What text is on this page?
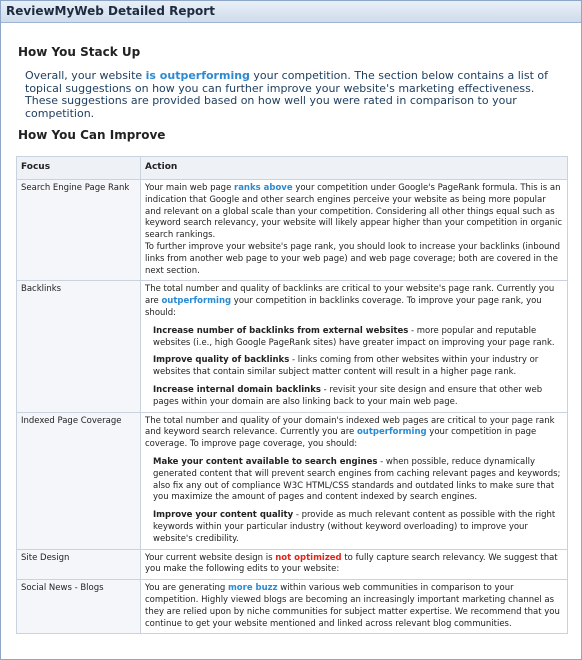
ReviewMyWeb Detailed Report
How You Stack Up
Overall, your website is outperforming your competition. The section below contains a list of topical suggestions on how you can further improve your website's marketing effectiveness. These suggestions are provided based on how well you were rated in comparison to your competition.
How You Can Improve
Focus	Action
Search Engine Page Rank	Your main web page ranks above your competition under Google's PageRank formula. This is an indication that Google and other search engines perceive your website as being more popular and relevant on a global scale than your competition. Considering all other things equal such as keyword search relevancy, your website will likely appear higher than your competition in organic search rankings.
To further improve your website's page rank, you should look to increase your backlinks (inbound links from another web page to your web page) and web page coverage; both are covered in the next section.

Backlinks	The total number and quality of backlinks are critical to your website's page rank. Currently you are outperforming your competition in backlinks coverage. To improve your page rank, you should:
Increase number of backlinks from external websites - more popular and reputable websites (i.e., high Google PageRank sites) have greater impact on improving your page rank.
Improve quality of backlinks - links coming from other websites within your industry or websites that contain similar subject matter content will result in a higher page rank.
Increase internal domain backlinks - revisit your site design and ensure that other web pages within your domain are also linking back to your main web page.

Indexed Page Coverage	The total number and quality of your domain's indexed web pages are critical to your page rank and keyword search relevance. Currently you are outperforming your competition in page coverage. To improve page coverage, you should:
Make your content available to search engines - when possible, reduce dynamically generated content that will prevent search engines from caching relevant pages and keywords; also fix any out of compliance W3C HTML/CSS standards and outdated links to make sure that you maximize the amount of pages and content indexed by search engines.
Improve your content quality - provide as much relevant content as possible with the right keywords within your particular industry (without keyword overloading) to improve your website's credibility.

Site Design	Your current website design is not optimized to fully capture search relevancy. We suggest that you make the following edits to your website:
Social News - Blogs	You are generating more buzz within various web communities in comparison to your competition. Highly viewed blogs are becoming an increasingly important marketing channel as they are relied upon by niche communities for subject matter expertise. We recommend that you continue to get your website mentioned and linked across relevant blog communities.
